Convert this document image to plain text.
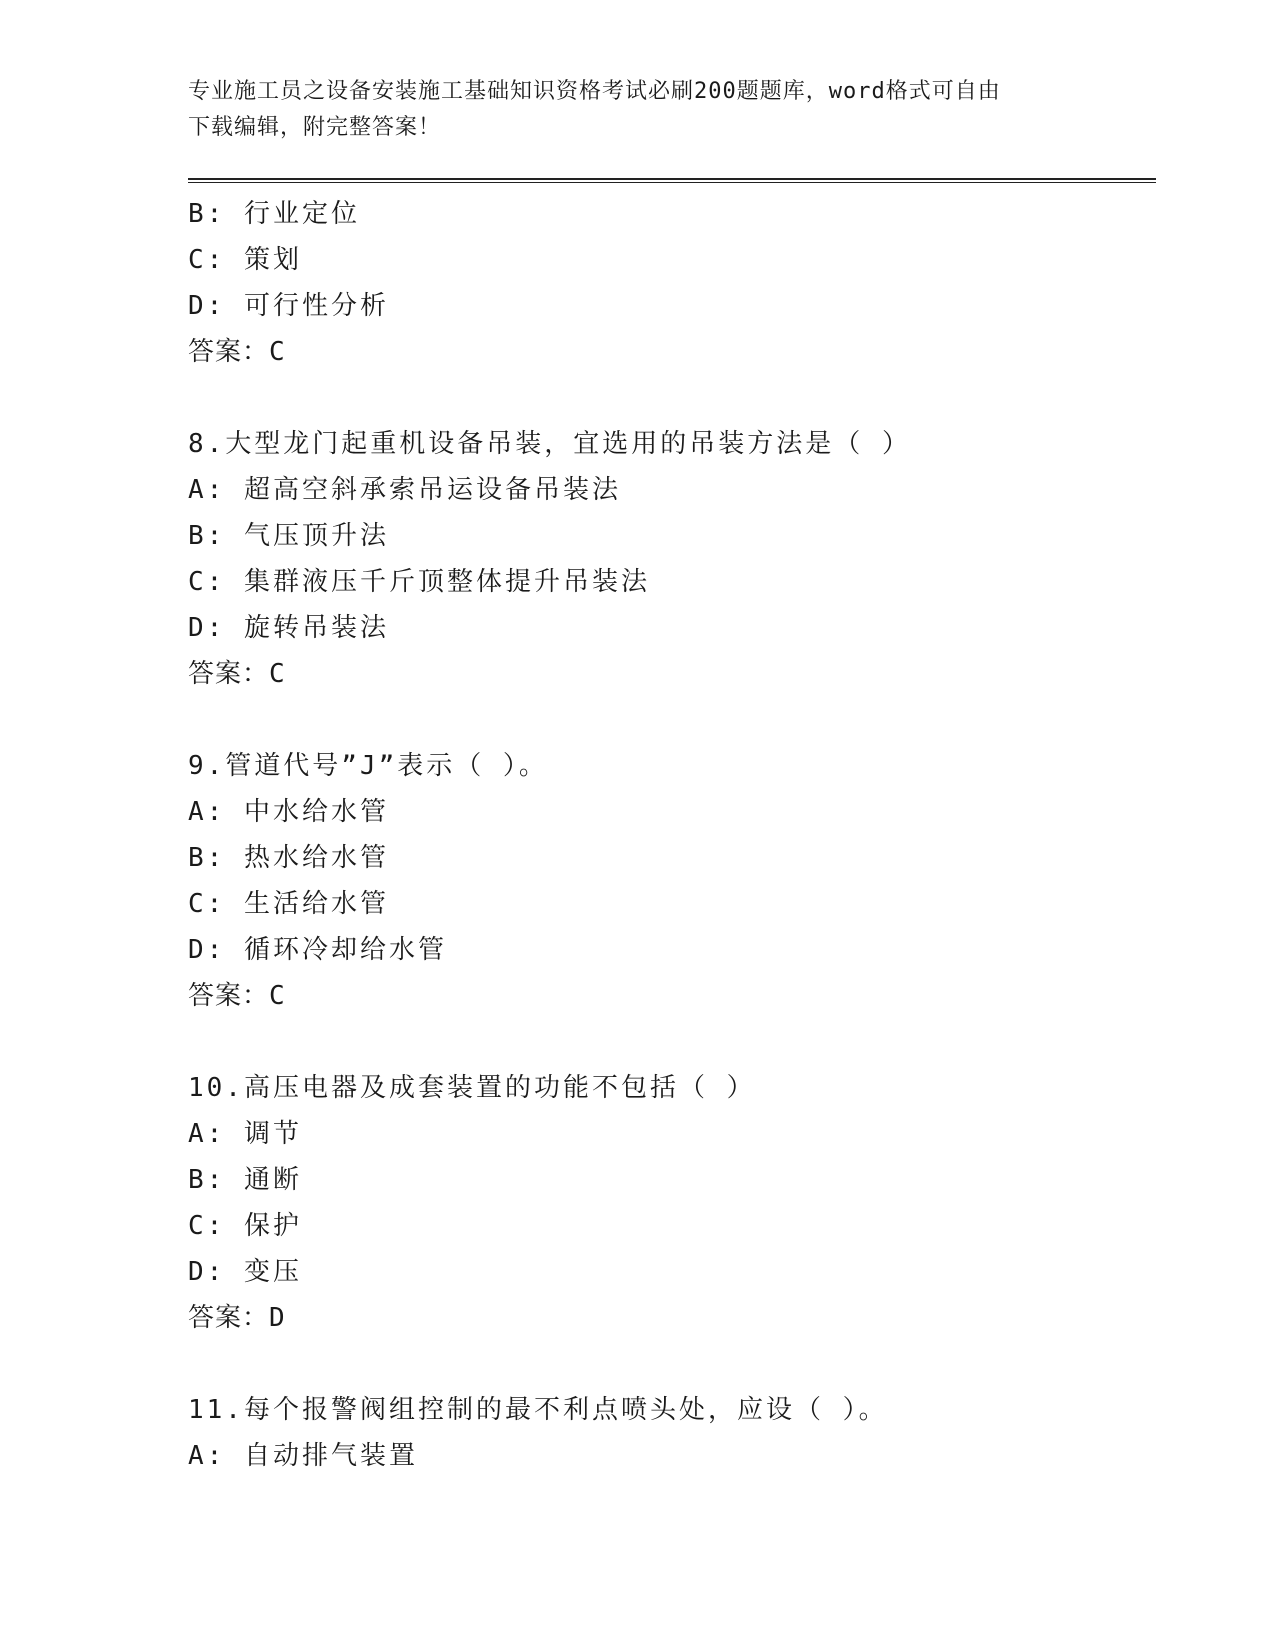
专业施工员之设备安装施工基础知识资格考试必刷200题题库，word格式可自由
下载编辑，附完整答案！
B: 行业定位
C: 策划
D: 可行性分析
答案：C
8.大型龙门起重机设备吊装，宜选用的吊装方法是（ ）
A: 超高空斜承索吊运设备吊装法
B: 气压顶升法
C: 集群液压千斤顶整体提升吊装法
D: 旋转吊装法
答案：C
9.管道代号”J”表示（ ）。
A: 中水给水管
B: 热水给水管
C: 生活给水管
D: 循环冷却给水管
答案：C
10.高压电器及成套装置的功能不包括（ ）
A: 调节
B: 通断
C: 保护
D: 变压
答案：D
11.每个报警阀组控制的最不利点喷头处，应设（ ）。
A: 自动排气装置
